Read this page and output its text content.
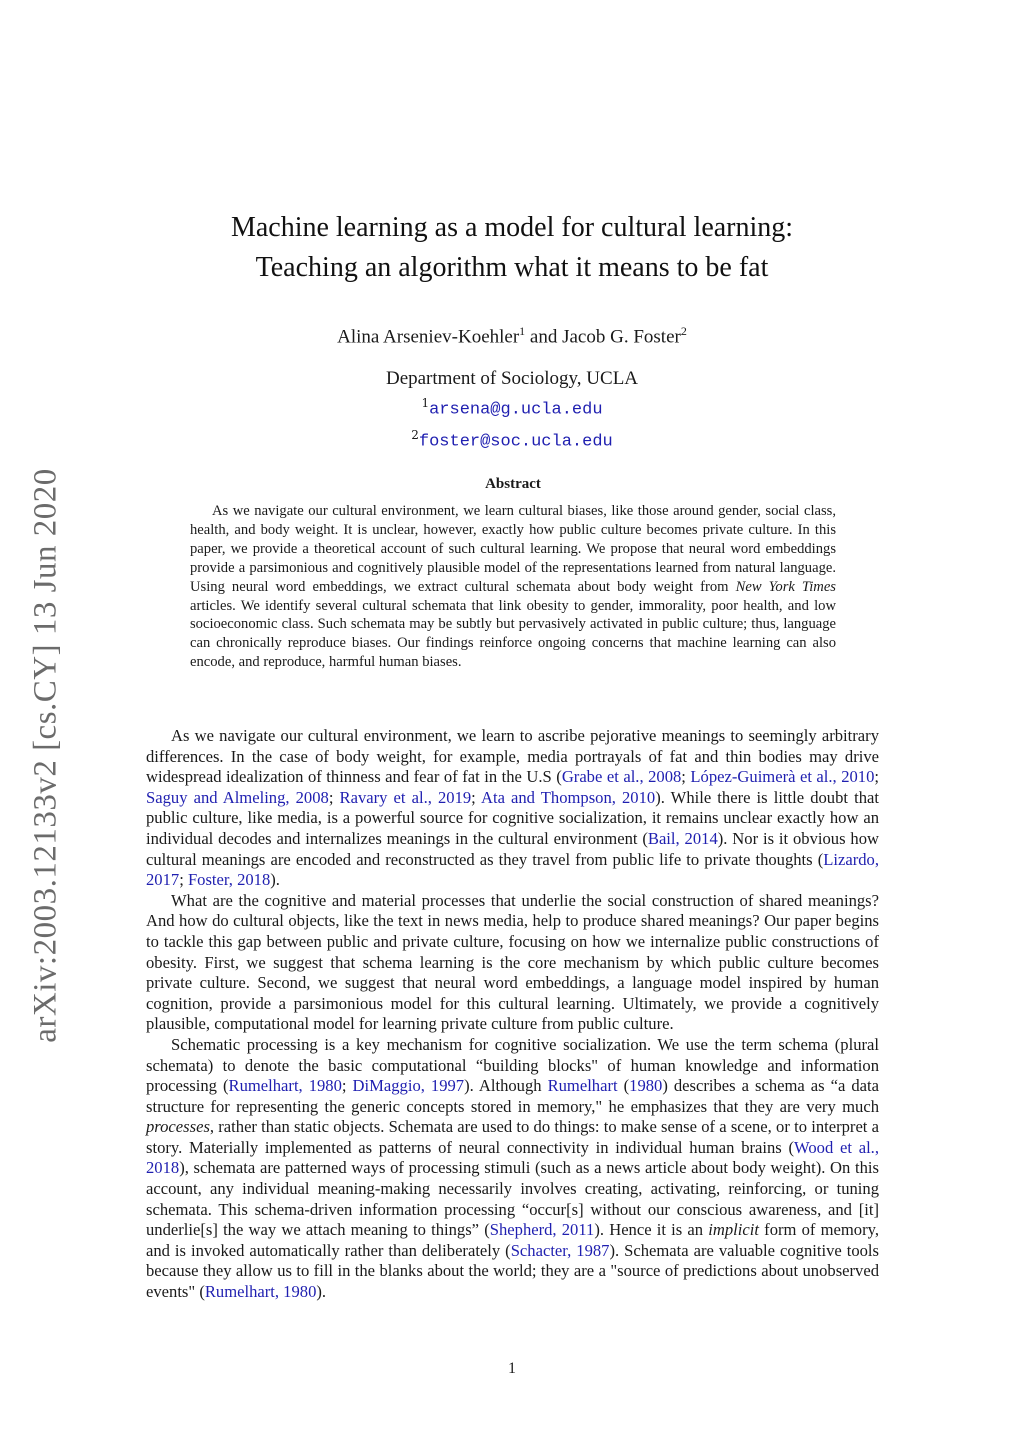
arXiv:2003.12133v2 [cs.CY] 13 Jun 2020
Machine learning as a model for cultural learning:
Teaching an algorithm what it means to be fat
Alina Arseniev-Koehler$^1$ and Jacob G. Foster$^2$
Department of Sociology, UCLA
$^1$arsena@g.ucla.edu
$^2$foster@soc.ucla.edu
Abstract

As we navigate our cultural environment, we learn cultural biases, like those around gender, social class, health, and body weight. It is unclear, however, exactly how public culture becomes private culture. In this paper, we provide a theoretical account of such cultural learning. We propose that neural word embeddings provide a parsimonious and cognitively plausible model of the representations learned from natural language. Using neural word embeddings, we extract cultural schemata about body weight from New York Times articles. We identify several cultural schemata that link obesity to gender, immorality, poor health, and low socioeconomic class. Such schemata may be subtly but pervasively activated in public culture; thus, language can chronically reproduce biases. Our findings reinforce ongoing concerns that machine learning can also encode, and reproduce, harmful human biases.

As we navigate our cultural environment, we learn to ascribe pejorative meanings to seemingly arbitrary differences. In the case of body weight, for example, media portrayals of fat and thin bodies may drive widespread idealization of thinness and fear of fat in the U.S (Grabe et al., 2008; López-Guimerà et al., 2010; Saguy and Almeling, 2008; Ravary et al., 2019; Ata and Thompson, 2010). While there is little doubt that public culture, like media, is a powerful source for cognitive socialization, it remains unclear exactly how an individual decodes and internalizes meanings in the cultural environment (Bail, 2014). Nor is it obvious how cultural meanings are encoded and reconstructed as they travel from public life to private thoughts (Lizardo, 2017; Foster, 2018).

What are the cognitive and material processes that underlie the social construction of shared meanings? And how do cultural objects, like the text in news media, help to produce shared meanings? Our paper begins to tackle this gap between public and private culture, focusing on how we internalize public constructions of obesity. First, we suggest that schema learning is the core mechanism by which public culture becomes private culture. Second, we suggest that neural word embeddings, a language model inspired by human cognition, provide a parsimonious model for this cultural learning. Ultimately, we provide a cognitively plausible, computational model for learning private culture from public culture.

Schematic processing is a key mechanism for cognitive socialization. We use the term schema (plural schemata) to denote the basic computational “building blocks" of human knowledge and information processing (Rumelhart, 1980; DiMaggio, 1997). Although Rumelhart (1980) describes a schema as “a data structure for representing the generic concepts stored in memory," he emphasizes that they are very much processes, rather than static objects. Schemata are used to do things: to make sense of a scene, or to interpret a story. Materially implemented as patterns of neural connectivity in individual human brains (Wood et al., 2018), schemata are patterned ways of processing stimuli (such as a news article about body weight). On this account, any individual meaning-making necessarily involves creating, activating, reinforcing, or tuning schemata. This schema-driven information processing “occur[s] without our conscious awareness, and [it] underlie[s] the way we attach meaning to things” (Shepherd, 2011). Hence it is an implicit form of memory, and is invoked automatically rather than deliberately (Schacter, 1987). Schemata are valuable cognitive tools because they allow us to fill in the blanks about the world; they are a "source of predictions about unobserved events" (Rumelhart, 1980).

1
